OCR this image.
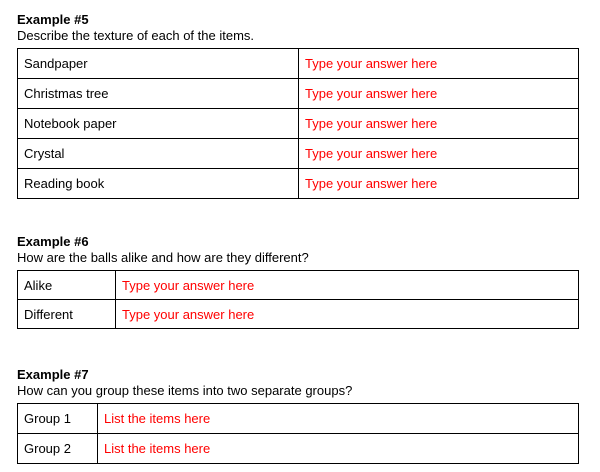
Example #5
Describe the texture of each of the items.
Sandpaper	Type your answer here
Christmas tree	Type your answer here
Notebook paper	Type your answer here
Crystal	Type your answer here
Reading book	Type your answer here
Example #6
How are the balls alike and how are they different?
Alike	Type your answer here
Different	Type your answer here
Example #7
How can you group these items into two separate groups?
Group 1	List the items here
Group 2	List the items here
